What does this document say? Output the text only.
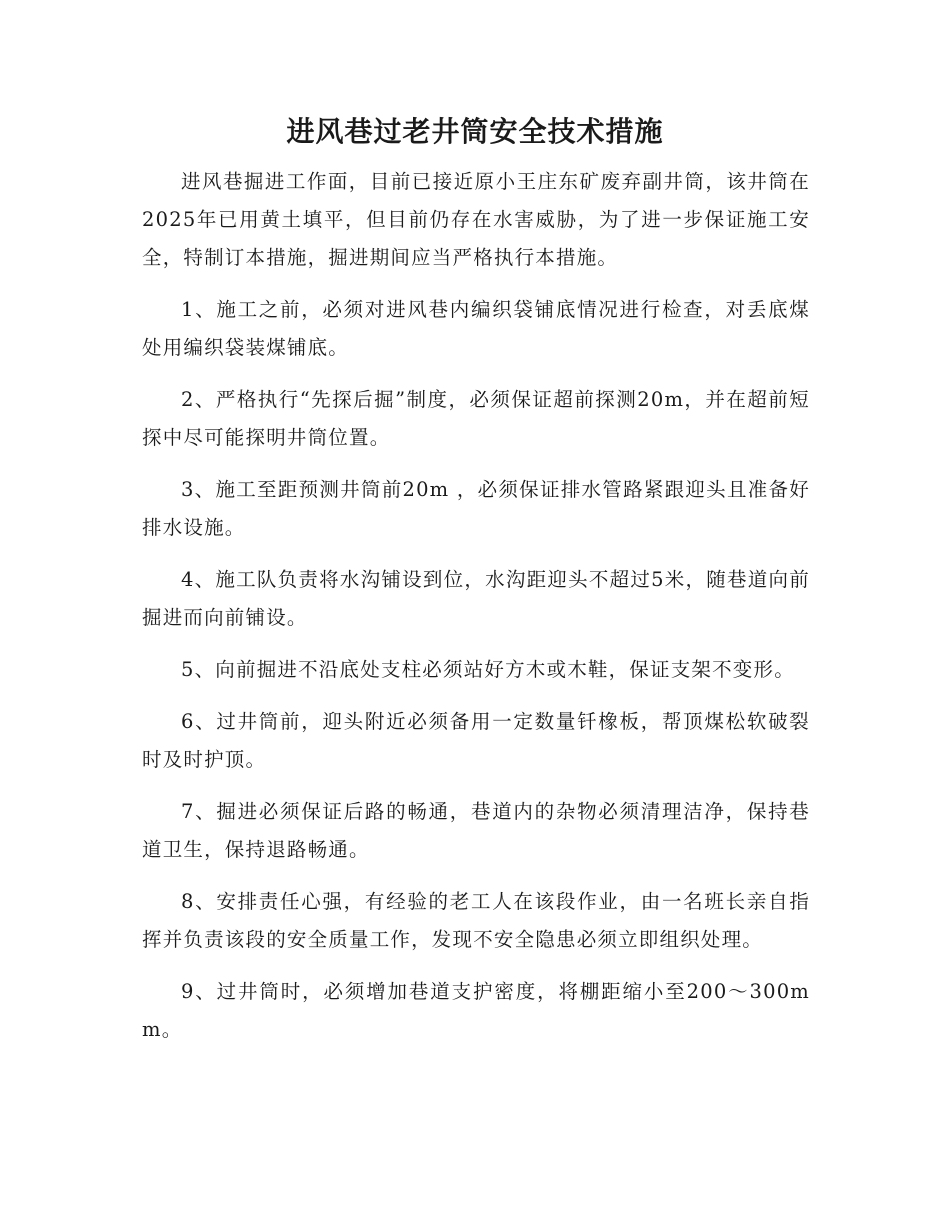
进风巷过老井筒安全技术措施

进风巷掘进工作面，目前已接近原小王庄东矿废弃副井筒，该井筒在2025年已用黄土填平，但目前仍存在水害威胁，为了进一步保证施工安全，特制订本措施，掘进期间应当严格执行本措施。

1、施工之前，必须对进风巷内编织袋铺底情况进行检查，对丢底煤处用编织袋装煤铺底。

2、严格执行“先探后掘”制度，必须保证超前探测20m，并在超前短探中尽可能探明井筒位置。

3、施工至距预测井筒前20m ，必须保证排水管路紧跟迎头且准备好排水设施。

4、施工队负责将水沟铺设到位，水沟距迎头不超过5米，随巷道向前掘进而向前铺设。

5、向前掘进不沿底处支柱必须站好方木或木鞋，保证支架不变形。

6、过井筒前，迎头附近必须备用一定数量钎橡板，帮顶煤松软破裂时及时护顶。

7、掘进必须保证后路的畅通，巷道内的杂物必须清理洁净，保持巷道卫生，保持退路畅通。

8、安排责任心强，有经验的老工人在该段作业，由一名班长亲自指挥并负责该段的安全质量工作，发现不安全隐患必须立即组织处理。

9、过井筒时，必须增加巷道支护密度，将棚距缩小至200～300mm。
